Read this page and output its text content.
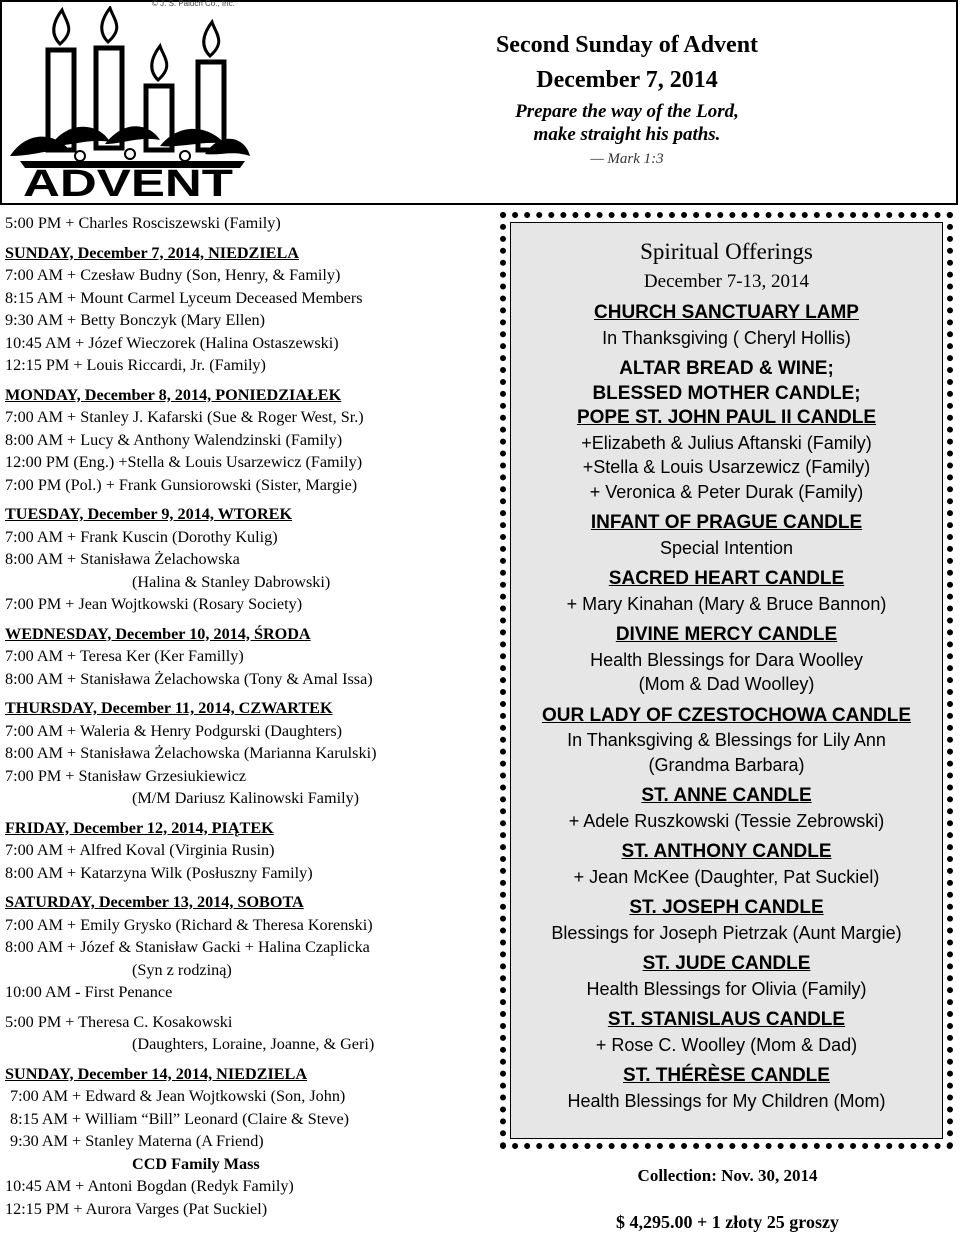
ADVENT
© J. S. Paluch Co., Inc.
Second Sunday of Advent
December 7, 2014
Prepare the way of the Lord,
make straight his paths.
— Mark 1:3
5:00 PM + Charles Rosciszewski (Family)
SUNDAY, December 7, 2014, NIEDZIELA
7:00 AM + Czesław Budny (Son, Henry, & Family)
8:15 AM + Mount Carmel Lyceum Deceased Members
9:30 AM + Betty Bonczyk (Mary Ellen)
10:45 AM + Józef Wieczorek (Halina Ostaszewski)
12:15 PM + Louis Riccardi, Jr. (Family)
MONDAY, December 8, 2014, PONIEDZIAŁEK
7:00 AM + Stanley J. Kafarski (Sue & Roger West, Sr.)
8:00 AM + Lucy & Anthony Walendzinski (Family)
12:00 PM (Eng.) +Stella & Louis Usarzewicz (Family)
7:00 PM (Pol.) + Frank Gunsiorowski (Sister, Margie)
TUESDAY, December 9, 2014, WTOREK
7:00 AM + Frank Kuscin (Dorothy Kulig)
8:00 AM + Stanisława Żelachowska
(Halina & Stanley Dabrowski)
7:00 PM + Jean Wojtkowski (Rosary Society)
WEDNESDAY, December 10, 2014, ŚRODA
7:00 AM + Teresa Ker (Ker Familly)
8:00 AM + Stanisława Żelachowska (Tony & Amal Issa)
THURSDAY, December 11, 2014, CZWARTEK
7:00 AM + Waleria & Henry Podgurski (Daughters)
8:00 AM + Stanisława Żelachowska (Marianna Karulski)
7:00 PM + Stanisław Grzesiukiewicz
(M/M Dariusz Kalinowski Family)
FRIDAY, December 12, 2014, PIĄTEK
7:00 AM + Alfred Koval (Virginia Rusin)
8:00 AM + Katarzyna Wilk (Posłuszny Family)
SATURDAY, December 13, 2014, SOBOTA
7:00 AM + Emily Grysko (Richard & Theresa Korenski)
8:00 AM + Józef & Stanisław Gacki + Halina Czaplicka
(Syn z rodziną)
10:00 AM - First Penance
5:00 PM + Theresa C. Kosakowski
(Daughters, Loraine, Joanne, & Geri)
SUNDAY, December 14, 2014, NIEDZIELA
7:00 AM + Edward & Jean Wojtkowski (Son, John)
8:15 AM + William “Bill” Leonard (Claire & Steve)
9:30 AM + Stanley Materna (A Friend)
CCD Family Mass
10:45 AM + Antoni Bogdan (Redyk Family)
12:15 PM + Aurora Varges (Pat Suckiel)
Spiritual Offerings
December 7-13, 2014
CHURCH SANCTUARY LAMP
In Thanksgiving ( Cheryl Hollis)
ALTAR BREAD & WINE;
BLESSED MOTHER CANDLE;
POPE ST. JOHN PAUL II CANDLE
+Elizabeth & Julius Aftanski (Family)
+Stella & Louis Usarzewicz (Family)
+ Veronica & Peter Durak (Family)
INFANT OF PRAGUE CANDLE
Special Intention
SACRED HEART CANDLE
+ Mary Kinahan (Mary & Bruce Bannon)
DIVINE MERCY CANDLE
Health Blessings for Dara Woolley
(Mom & Dad Woolley)
OUR LADY OF CZESTOCHOWA CANDLE
In Thanksgiving & Blessings for Lily Ann
(Grandma Barbara)
ST. ANNE CANDLE
+ Adele Ruszkowski (Tessie Zebrowski)
ST. ANTHONY CANDLE
+ Jean McKee (Daughter, Pat Suckiel)
ST. JOSEPH CANDLE
Blessings for Joseph Pietrzak (Aunt Margie)
ST. JUDE CANDLE
Health Blessings for Olivia (Family)
ST. STANISLAUS CANDLE
+ Rose C. Woolley (Mom & Dad)
ST. THÉRÈSE CANDLE
Health Blessings for My Children (Mom)
Collection: Nov. 30, 2014
$ 4,295.00 + 1 złoty 25 groszy
